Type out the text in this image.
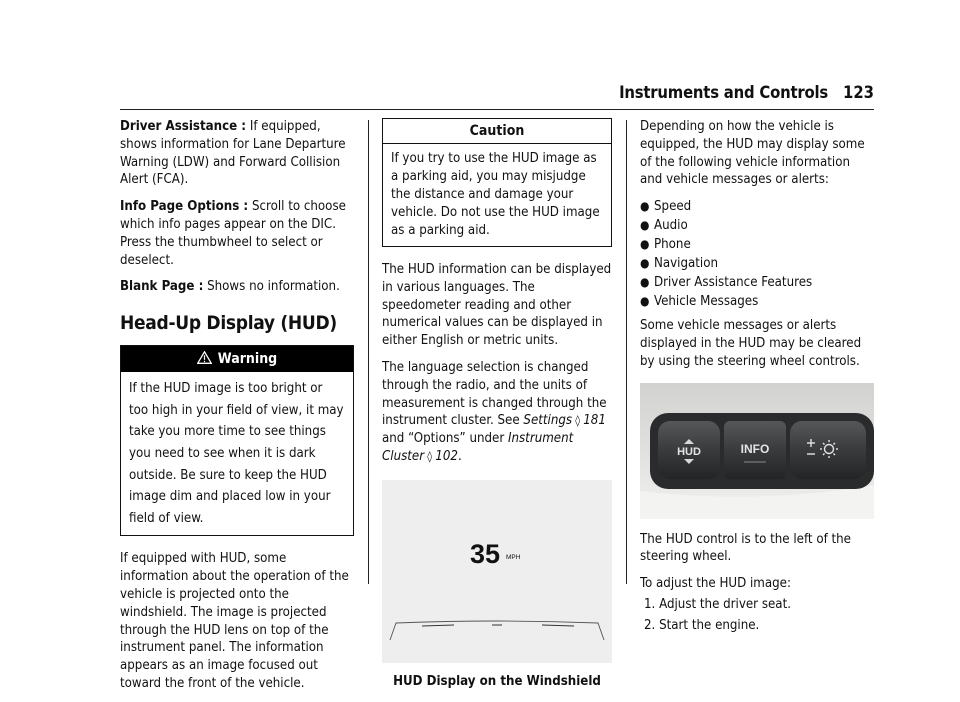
Instruments and Controls 123

Driver Assistance : If equipped, shows information for Lane Departure Warning (LDW) and Forward Collision Alert (FCA).

Info Page Options : Scroll to choose which info pages appear on the DIC. Press the thumbwheel to select or deselect.

Blank Page : Shows no information.

Head-Up Display (HUD)
Warning
If the HUD image is too bright or too high in your field of view, it may take you more time to see things you need to see when it is dark outside. Be sure to keep the HUD image dim and placed low in your field of view.

If equipped with HUD, some information about the operation of the vehicle is projected onto the windshield. The image is projected through the HUD lens on top of the instrument panel. The information appears as an image focused out toward the front of the vehicle.

Caution
If you try to use the HUD image as a parking aid, you may misjudge the distance and damage your vehicle. Do not use the HUD image as a parking aid.

The HUD information can be displayed in various languages. The speedometer reading and other numerical values can be displayed in either English or metric units.

The language selection is changed through the radio, and the units of measurement is changed through the instrument cluster. See Settings ◊ 181 and “Options” under Instrument Cluster ◊ 102.

35 MPH
HUD Display on the Windshield

Depending on how the vehicle is equipped, the HUD may display some of the following vehicle information and vehicle messages or alerts:

● Speed
● Audio
● Phone
● Navigation
● Driver Assistance Features
● Vehicle Messages

Some vehicle messages or alerts displayed in the HUD may be cleared by using the steering wheel controls.

HUD	INFO

The HUD control is to the left of the steering wheel.

To adjust the HUD image:

1. Adjust the driver seat.
2. Start the engine.
